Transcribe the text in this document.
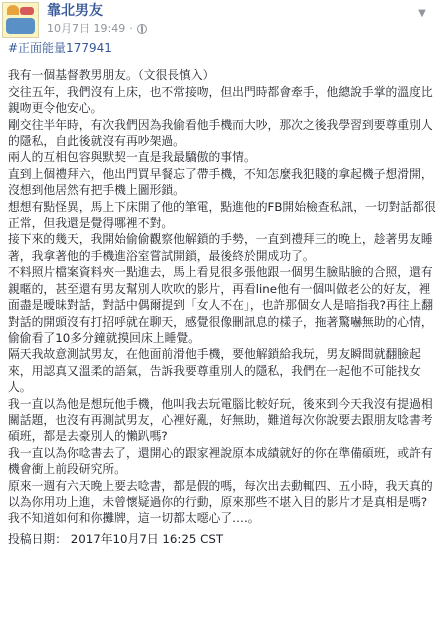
靠北男友
10月7日 19:49 ·
▼
#正面能量177941

我有一個基督教男朋友。（文很長慎入）

交往五年，我們沒有上床，也不常接吻，但出門時都會牽手，他總說手掌的溫度比親吻更令他安心。

剛交往半年時，有次我們因為我偷看他手機而大吵，那次之後我學習到要尊重別人的隱私，自此後就沒有再吵架過。

兩人的互相包容與默契一直是我最驕傲的事情。

直到上個禮拜六，他出門買早餐忘了帶手機，不知怎麼我犯賤的拿起機子想滑開，沒想到他居然有把手機上圖形鎖。

想想有點怪異，馬上下床開了他的筆電，點進他的FB開始檢查私訊，一切對話都很正常，但我還是覺得哪裡不對。

接下來的幾天，我開始偷偷觀察他解鎖的手勢，一直到禮拜三的晚上，趁著男友睡著，我拿著他的手機進浴室嘗試開鎖，最後終於開成功了。

不料照片檔案資料夾一點進去，馬上看見很多張他跟一個男生臉貼臉的合照，還有親暱的，甚至還有男友幫別人吹吹的影片，再看line他有一個叫做老公的好友，裡面盡是曖昧對話，對話中偶爾提到「女人不在」，也許那個女人是暗指我?再往上翻對話的開頭沒有打招呼就在聊天，感覺很像刪訊息的樣子，拖著驚嚇無助的心情，偷偷看了10多分鐘就摸回床上睡覺。

隔天我故意測試男友，在他面前滑他手機，要他解鎖給我玩，男友瞬間就翻臉起來，用認真又溫柔的語氣，告訴我要尊重別人的隱私，我們在一起他不可能找女人。

我一直以為他是想玩他手機，他叫我去玩電腦比較好玩，後來到今天我沒有提過相關話題，也沒有再測試男友，心裡好亂，好無助，難道每次你說要去跟朋友唸書考碩班，都是去豪別人的懶趴嗎?

我一直以為你唸書去了，還開心的跟家裡說原本成績就好的你在準備碩班，或許有機會衝上前段研究所。

原來一週有六天晚上要去唸書，都是假的嗎，每次出去動輒四、五小時，我天真的以為你用功上進，未曾懷疑過你的行動，原來那些不堪入目的影片才是真相是嗎?

我不知道如何和你攤牌，這一切都太噁心了….。

投稿日期： 2017年10月7日 16:25 CST
